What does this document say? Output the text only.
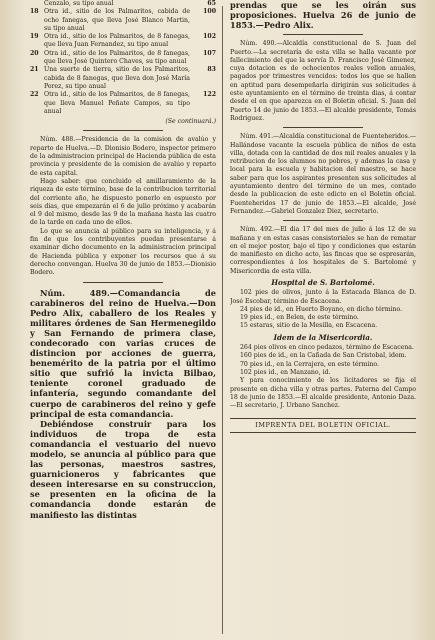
Cenzalo, su tipo anual	65
18 Otra id., sitio de los Palmaritos, cabida de ocho fanegas, que lleva José Blanco Martin, su tipo anual
100
19 Otra id., sitio de los Palmaritos, de 8 fanegas, que lleva Juan Fernandez, su tipo anual
102
20 Otra id., sitio de los Palmaritos, de 8 fanegas, que lleva José Quintero Chaves, su tipo anual
107
21 Una suerte de tierra, sitio de los Palmaritos, cabida de 8 fanegas, que lleva don José María Perez, su tipo anual
83
22 Otra id., sitio de los Palmaritos, de 8 fanegas, que lleva Manuel Peñate Campos, su tipo anual
122
(Se continuará.)

Núm. 488.—Presidencia de la comision de avalúo y reparto de Huelva.—D. Dionisio Bodero, inspector primero de la administracion principal de Hacienda pública de esta provincia y presidente de la comision de avalúo y reparto de esta capital.

Hago saber: que concluido el amillaramiento de la riqueza de este término, base de la contribucion territorial del corriente año, he dispuesto ponerlo en espuesto por seis dias, que empezarán el 6 de julio próximo y acabarán el 9 del mismo, desde las 9 de la mañana hasta las cuatro de la tarde en cada uno de ellos.

Lo que se anuncia al público para su inteligencia, y á fin de que los contribuyentes puedan presentarse á examinar dicho documento en la administracion principal de Hacienda pública y exponer los recursos que á su derecho convengan. Huelva 30 de junio de 1853.—Dionisio Bodero.

Núm. 489.—Comandancia de carabineros del reino de Huelva.—Don Pedro Alix, caballero de los Reales y militares órdenes de San Hermenegildo y San Fernando de primera clase, condecorado con varias cruces de distincion por acciones de guerra, benemérito de la patria por el último sitio que sufrió la invicta Bilbao, teniente coronel graduado de infantería, segundo comandante del cuerpo de carabineros del reino y gefe principal de esta comandancia.

Debiéndose construir para los individuos de tropa de esta comandancia el vestuario del nuevo modelo, se anuncia al público para que las personas, maestros sastres, guarnicioneros y fabricantes que deseen interesarse en su construccion, se presenten en la oficina de la comandancia donde estarán de manifiesto las distintas

prendas que se les oirán sus proposiciones. Huelva 26 de junio de 1853.—Pedro Alix.

Núm. 490.—Alcaldía constitucional de S. Juan del Puerto.—La secretaría de esta villa se halla vacante por fallecimiento del que la servía D. Francisco José Gimenez, cuya dotacion es de ochocientos reales vellon anuales, pagados por trimestres vencidos: todos los que se hallen en aptitud para desempeñarla dirigirán sus solicitudes á este ayuntamiento en el término de treinta dias, á contar desde el en que aparezca en el Boletin oficial. S. Juan del Puerto 14 de junio de 1853.—El alcalde presidente, Tomás Rodriguez.

Núm. 491.—Alcaldía constitucional de Fuenteheridos.—Hallándose vacante la escuela pública de niños de esta villa, dotada con la cantidad de dos mil reales anuales y la retribucion de los alumnos no pobres, y ademas la casa y local para la escuela y habitacion del maestro, se hace saber para que los aspirantes presenten sus solicitudes al ayuntamiento dentro del término de un mes, contado desde la publicacion de este edicto en el Boletin oficial. Fuenteheridos 17 de junio de 1853.—El alcalde, José Fernandez.—Gabriel Gonzalez Diez, secretario.

Núm. 492.—El dia 17 del mes de julio á las 12 de su mañana y en estas casas consistoriales se han de rematar en el mejor postor, bajo el tipo y condiciones que estarán de manifiesto en dicho acto, las fincas que se espresarán, correspondientes á los hospitales de S. Bartolomé y Misericordia de esta villa.

Hospital de S. Bartolomé.

102 pies de olivos, junto á la Estacada Blanca de D. José Escobar, término de Escacena.

24 pies de id., en Huerto Boyano, en dicho término.

19 pies id., en Belen, de este término.

15 estaras, sitio de la Mesilla, en Escacena.

Idem de la Misericordia.

264 pies olivos en cinco pedazos, término de Escacena.

160 pies de id., en la Cañada de San Cristobal, idem.

70 pies id., en la Cerrajera, en este término.

102 pies id., en Manzano, id.

Y para conocimiento de los licitadores se fija el presente en dicha villa y otras partes. Paterna del Campo 18 de junio de 1853.—El alcalde presidente, Antonio Daza.—El secretario, J. Urbano Sanchez.

IMPRENTA DEL BOLETIN OFICIAL.
